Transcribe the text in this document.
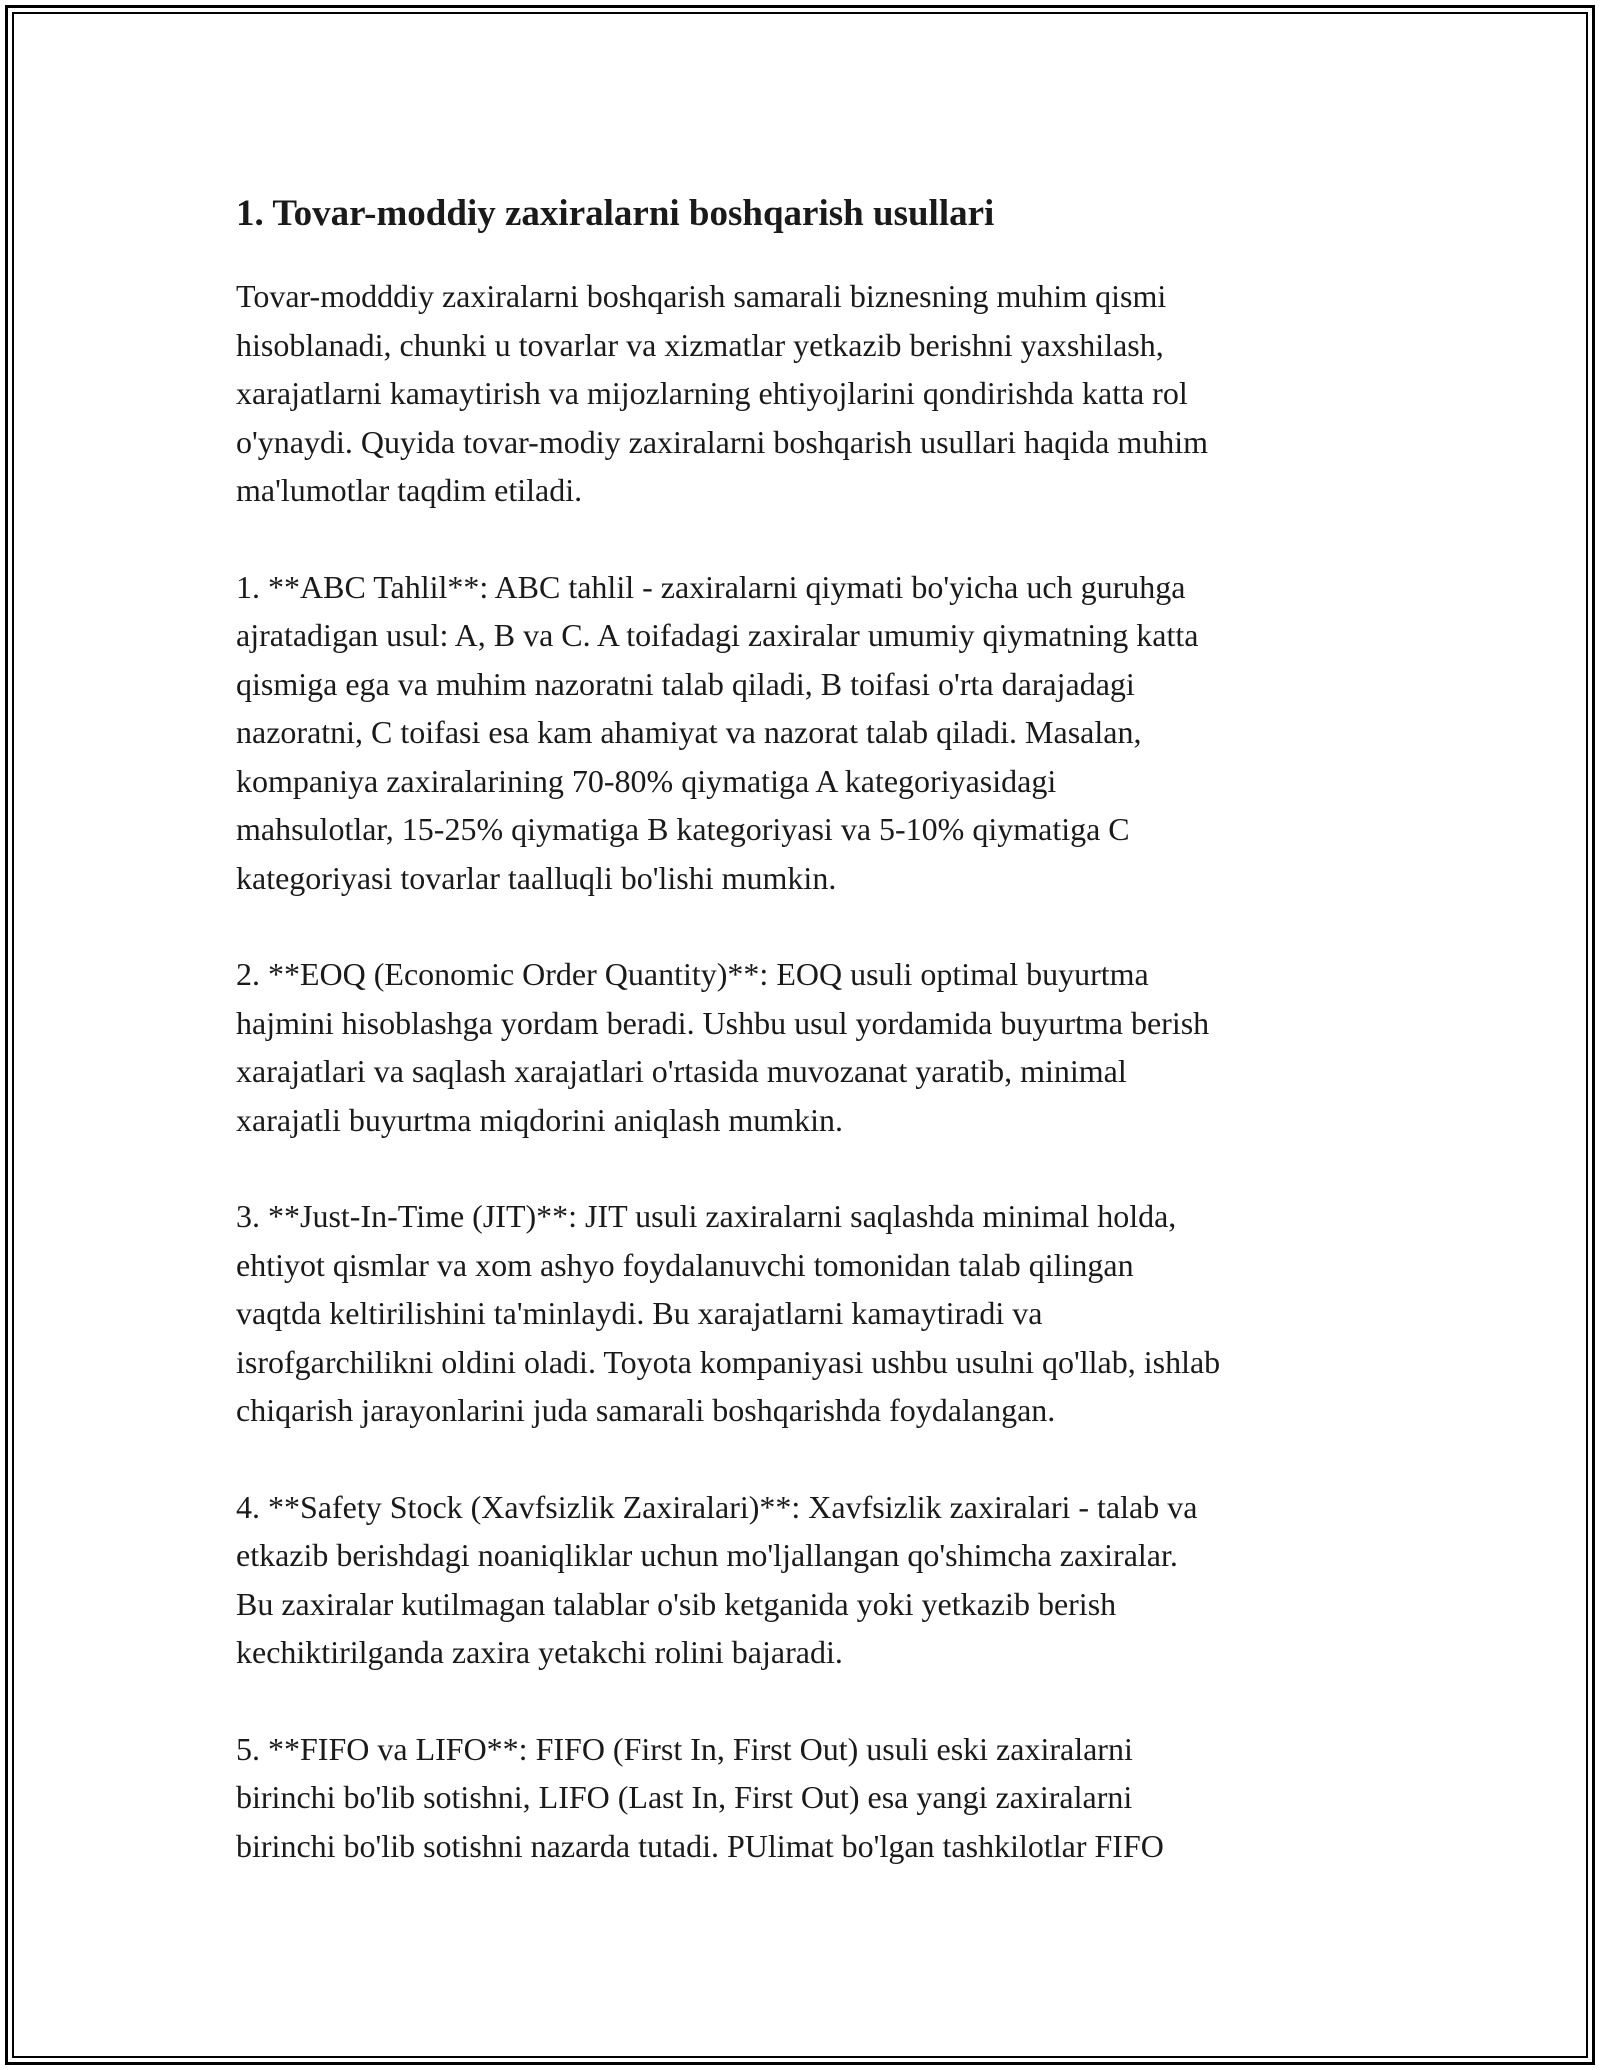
1. Tovar-moddiy zaxiralarni boshqarish usullari

Tovar-modddiy zaxiralarni boshqarish samarali biznesning muhim qismi
hisoblanadi, chunki u tovarlar va xizmatlar yetkazib berishni yaxshilash,
xarajatlarni kamaytirish va mijozlarning ehtiyojlarini qondirishda katta rol
o'ynaydi. Quyida tovar-modiy zaxiralarni boshqarish usullari haqida muhim
ma'lumotlar taqdim etiladi.

1. **ABC Tahlil**: ABC tahlil - zaxiralarni qiymati bo'yicha uch guruhga
ajratadigan usul: A, B va C. A toifadagi zaxiralar umumiy qiymatning katta
qismiga ega va muhim nazoratni talab qiladi, B toifasi o'rta darajadagi
nazoratni, C toifasi esa kam ahamiyat va nazorat talab qiladi. Masalan,
kompaniya zaxiralarining 70-80% qiymatiga A kategoriyasidagi
mahsulotlar, 15-25% qiymatiga B kategoriyasi va 5-10% qiymatiga C
kategoriyasi tovarlar taalluqli bo'lishi mumkin.

2. **EOQ (Economic Order Quantity)**: EOQ usuli optimal buyurtma
hajmini hisoblashga yordam beradi. Ushbu usul yordamida buyurtma berish
xarajatlari va saqlash xarajatlari o'rtasida muvozanat yaratib, minimal
xarajatli buyurtma miqdorini aniqlash mumkin.

3. **Just-In-Time (JIT)**: JIT usuli zaxiralarni saqlashda minimal holda,
ehtiyot qismlar va xom ashyo foydalanuvchi tomonidan talab qilingan
vaqtda keltirilishini ta'minlaydi. Bu xarajatlarni kamaytiradi va
isrofgarchilikni oldini oladi. Toyota kompaniyasi ushbu usulni qo'llab, ishlab
chiqarish jarayonlarini juda samarali boshqarishda foydalangan.

4. **Safety Stock (Xavfsizlik Zaxiralari)**: Xavfsizlik zaxiralari - talab va
etkazib berishdagi noaniqliklar uchun mo'ljallangan qo'shimcha zaxiralar.
Bu zaxiralar kutilmagan talablar o'sib ketganida yoki yetkazib berish
kechiktirilganda zaxira yetakchi rolini bajaradi.

5. **FIFO va LIFO**: FIFO (First In, First Out) usuli eski zaxiralarni
birinchi bo'lib sotishni, LIFO (Last In, First Out) esa yangi zaxiralarni
birinchi bo'lib sotishni nazarda tutadi. PUlimat bo'lgan tashkilotlar FIFO
